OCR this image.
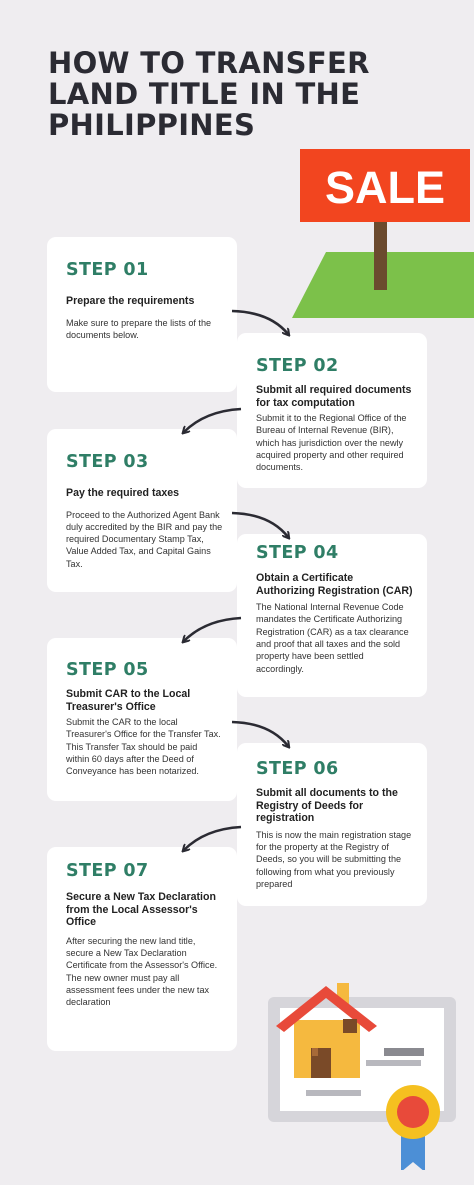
HOW TO TRANSFER LAND TITLE IN THE PHILIPPINES
SALE

STEP 01

Prepare the requirements

Make sure to prepare the lists of the documents below.

STEP 02

Submit all required documents for tax computation

Submit it to the Regional Office of the Bureau of Internal Revenue (BIR), which has jurisdiction over the newly acquired property and other required documents.

STEP 03

Pay the required taxes

Proceed to the Authorized Agent Bank duly accredited by the BIR and pay the required Documentary Stamp Tax, Value Added Tax, and Capital Gains Tax.

STEP 04

Obtain a Certificate Authorizing Registration (CAR)

The National Internal Revenue Code mandates the Certificate Authorizing Registration (CAR) as a tax clearance and proof that all taxes and the sold property have been settled accordingly.

STEP 05

Submit CAR to the Local Treasurer's Office

Submit the CAR to the local Treasurer's Office for the Transfer Tax. This Transfer Tax should be paid within 60 days after the Deed of Conveyance has been notarized.	STEP 06

Submit all documents to the Registry of Deeds for registration

This is now the main registration stage for the property at the Registry of Deeds, so you will be submitting the following from what you previously prepared

STEP 07

Secure a New Tax Declaration from the Local Assessor's Office

After securing the new land title, secure a New Tax Declaration Certificate from the Assessor's Office. The new owner must pay all assessment fees under the new tax declaration
